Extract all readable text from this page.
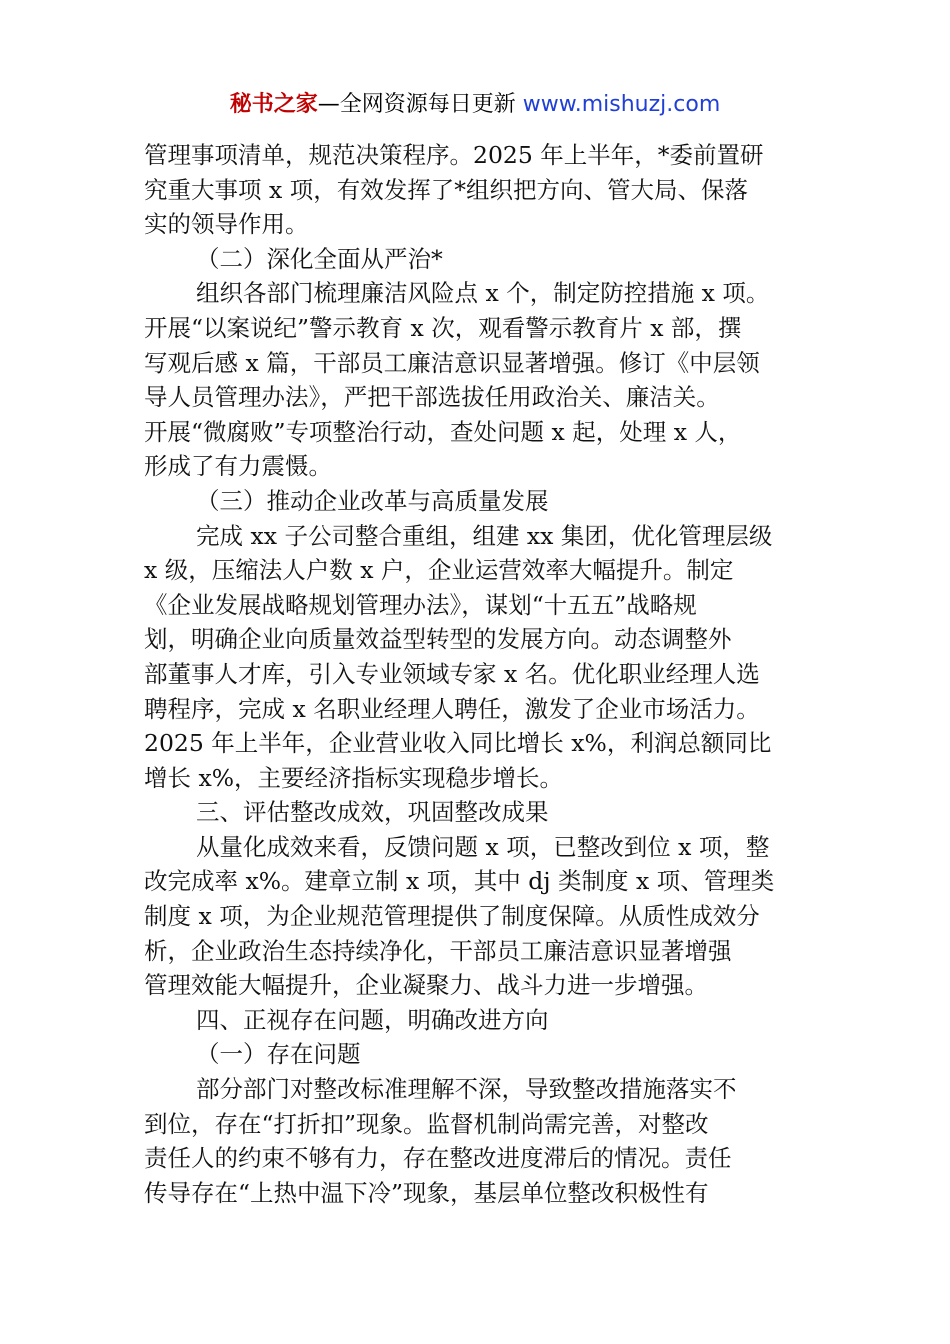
秘书之家—全网资源每日更新 www.mishuzj.com
管理事项清单，规范决策程序。2025 年上半年，*委前置研
究重大事项 x 项，有效发挥了*组织把方向、管大局、保落
实的领导作用。
（二）深化全面从严治*
组织各部门梳理廉洁风险点 x 个，制定防控措施 x 项。
开展“以案说纪”警示教育 x 次，观看警示教育片 x 部，撰
写观后感 x 篇，干部员工廉洁意识显著增强。修订《中层领
导人员管理办法》，严把干部选拔任用政治关、廉洁关。
开展“微腐败”专项整治行动，查处问题 x 起，处理 x 人，
形成了有力震慑。
（三）推动企业改革与高质量发展
完成 xx 子公司整合重组，组建 xx 集团，优化管理层级
x 级，压缩法人户数 x 户，企业运营效率大幅提升。制定
《企业发展战略规划管理办法》，谋划“十五五”战略规
划，明确企业向质量效益型转型的发展方向。动态调整外
部董事人才库，引入专业领域专家 x 名。优化职业经理人选
聘程序，完成 x 名职业经理人聘任，激发了企业市场活力。
2025 年上半年，企业营业收入同比增长 x%，利润总额同比
增长 x%，主要经济指标实现稳步增长。
三、评估整改成效，巩固整改成果
从量化成效来看，反馈问题 x 项，已整改到位 x 项，整
改完成率 x%。建章立制 x 项，其中 dj 类制度 x 项、管理类
制度 x 项，为企业规范管理提供了制度保障。从质性成效分
析，企业政治生态持续净化，干部员工廉洁意识显著增强
管理效能大幅提升，企业凝聚力、战斗力进一步增强。
四、正视存在问题，明确改进方向
（一）存在问题
部分部门对整改标准理解不深，导致整改措施落实不
到位，存在“打折扣”现象。监督机制尚需完善，对整改
责任人的约束不够有力，存在整改进度滞后的情况。责任
传导存在“上热中温下冷”现象，基层单位整改积极性有
